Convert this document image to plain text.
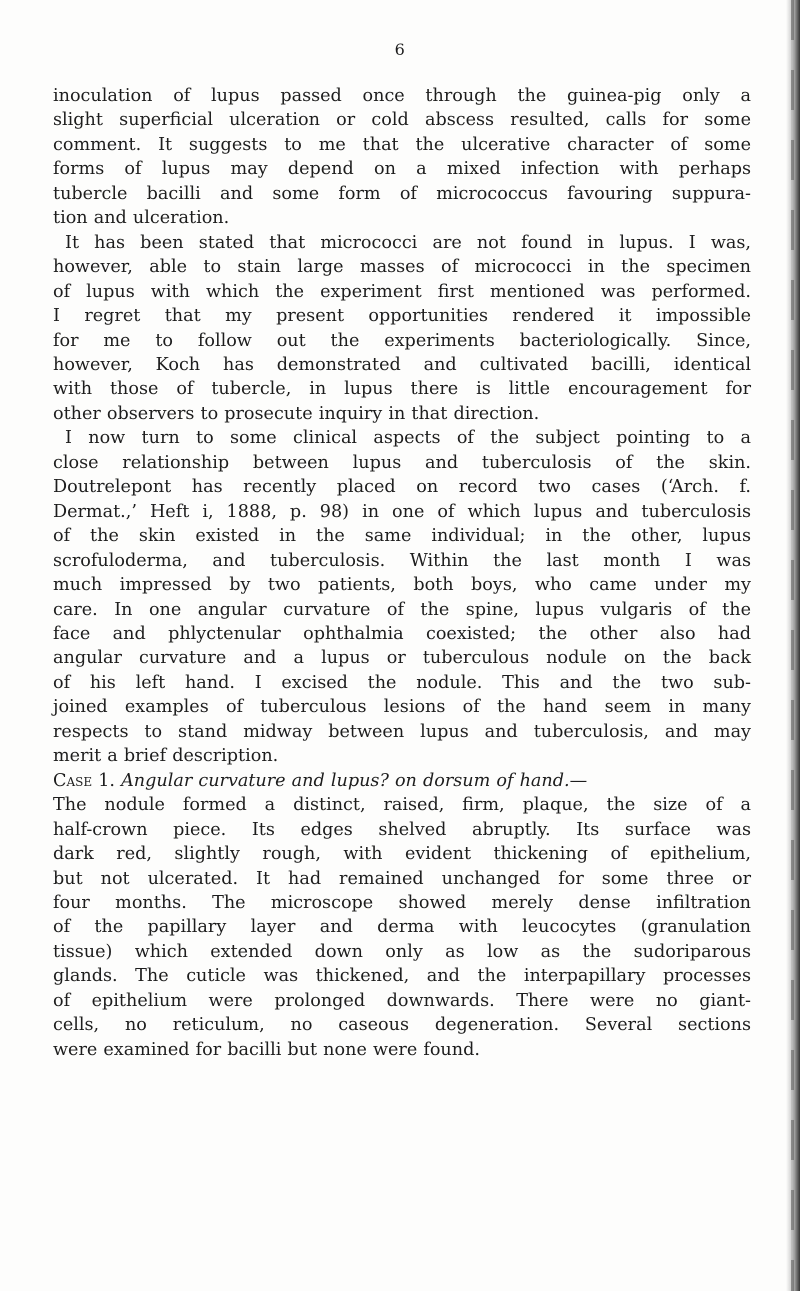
6
inoculation of lupus passed once through the guinea-pig only a
slight superficial ulceration or cold abscess resulted, calls for some
comment. It suggests to me that the ulcerative character of some
forms of lupus may depend on a mixed infection with perhaps
tubercle bacilli and some form of micrococcus favouring suppura-
tion and ulceration.
It has been stated that micrococci are not found in lupus. I was,
however, able to stain large masses of micrococci in the specimen
of lupus with which the experiment first mentioned was performed.
I regret that my present opportunities rendered it impossible
for me to follow out the experiments bacteriologically. Since,
however, Koch has demonstrated and cultivated bacilli, identical
with those of tubercle, in lupus there is little encouragement for
other observers to prosecute inquiry in that direction.
I now turn to some clinical aspects of the subject pointing to a
close relationship between lupus and tuberculosis of the skin.
Doutrelepont has recently placed on record two cases (‘Arch. f.
Dermat.,’ Heft i, 1888, p. 98) in one of which lupus and tuberculosis
of the skin existed in the same individual; in the other, lupus
scrofuloderma, and tuberculosis. Within the last month I was
much impressed by two patients, both boys, who came under my
care. In one angular curvature of the spine, lupus vulgaris of the
face and phlyctenular ophthalmia coexisted; the other also had
angular curvature and a lupus or tuberculous nodule on the back
of his left hand. I excised the nodule. This and the two sub-
joined examples of tuberculous lesions of the hand seem in many
respects to stand midway between lupus and tuberculosis, and may
merit a brief description.
Case 1. Angular curvature and lupus? on dorsum of hand.—
The nodule formed a distinct, raised, firm, plaque, the size of a
half-crown piece. Its edges shelved abruptly. Its surface was
dark red, slightly rough, with evident thickening of epithelium,
but not ulcerated. It had remained unchanged for some three or
four months. The microscope showed merely dense infiltration
of the papillary layer and derma with leucocytes (granulation
tissue) which extended down only as low as the sudoriparous
glands. The cuticle was thickened, and the interpapillary processes
of epithelium were prolonged downwards. There were no giant-
cells, no reticulum, no caseous degeneration. Several sections
were examined for bacilli but none were found.
